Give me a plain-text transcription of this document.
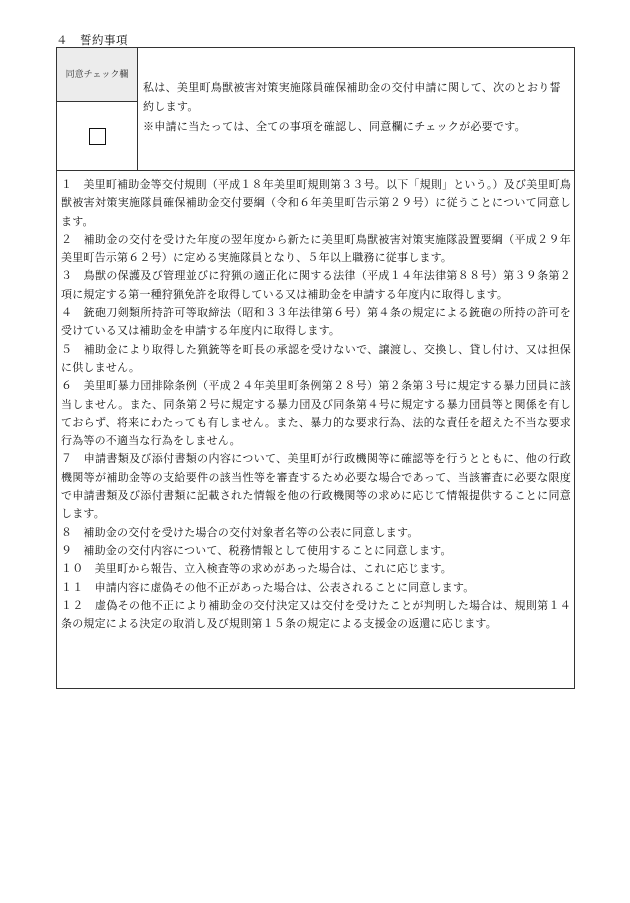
４　誓約事項
同意チェック欄
私は、美里町鳥獣被害対策実施隊員確保補助金の交付申請に関して、次のとおり誓約します。
※申請に当たっては、全ての事項を確認し、同意欄にチェックが必要です。

１　美里町補助金等交付規則（平成１８年美里町規則第３３号。以下「規則」という。）及び美里町鳥獣被害対策実施隊員確保補助金交付要綱（令和６年美里町告示第２９号）に従うことについて同意します。

２　補助金の交付を受けた年度の翌年度から新たに美里町鳥獣被害対策実施隊設置要綱（平成２９年美里町告示第６２号）に定める実施隊員となり、５年以上職務に従事します。

３　鳥獣の保護及び管理並びに狩猟の適正化に関する法律（平成１４年法律第８８号）第３９条第２項に規定する第一種狩猟免許を取得している又は補助金を申請する年度内に取得します。

４　銃砲刀剣類所持許可等取締法（昭和３３年法律第６号）第４条の規定による銃砲の所持の許可を受けている又は補助金を申請する年度内に取得します。

５　補助金により取得した猟銃等を町長の承認を受けないで、譲渡し、交換し、貸し付け、又は担保に供しません。

６　美里町暴力団排除条例（平成２４年美里町条例第２８号）第２条第３号に規定する暴力団員に該当しません。また、同条第２号に規定する暴力団及び同条第４号に規定する暴力団員等と関係を有しておらず、将来にわたっても有しません。また、暴力的な要求行為、法的な責任を超えた不当な要求行為等の不適当な行為をしません。

７　申請書類及び添付書類の内容について、美里町が行政機関等に確認等を行うとともに、他の行政機関等が補助金等の支給要件の該当性等を審査するため必要な場合であって、当該審査に必要な限度で申請書類及び添付書類に記載された情報を他の行政機関等の求めに応じて情報提供することに同意します。

８　補助金の交付を受けた場合の交付対象者名等の公表に同意します。

９　補助金の交付内容について、税務情報として使用することに同意します。

１０　美里町から報告、立入検査等の求めがあった場合は、これに応じます。

１１　申請内容に虚偽その他不正があった場合は、公表されることに同意します。

１２　虚偽その他不正により補助金の交付決定又は交付を受けたことが判明した場合は、規則第１４条の規定による決定の取消し及び規則第１５条の規定による支援金の返還に応じます。
